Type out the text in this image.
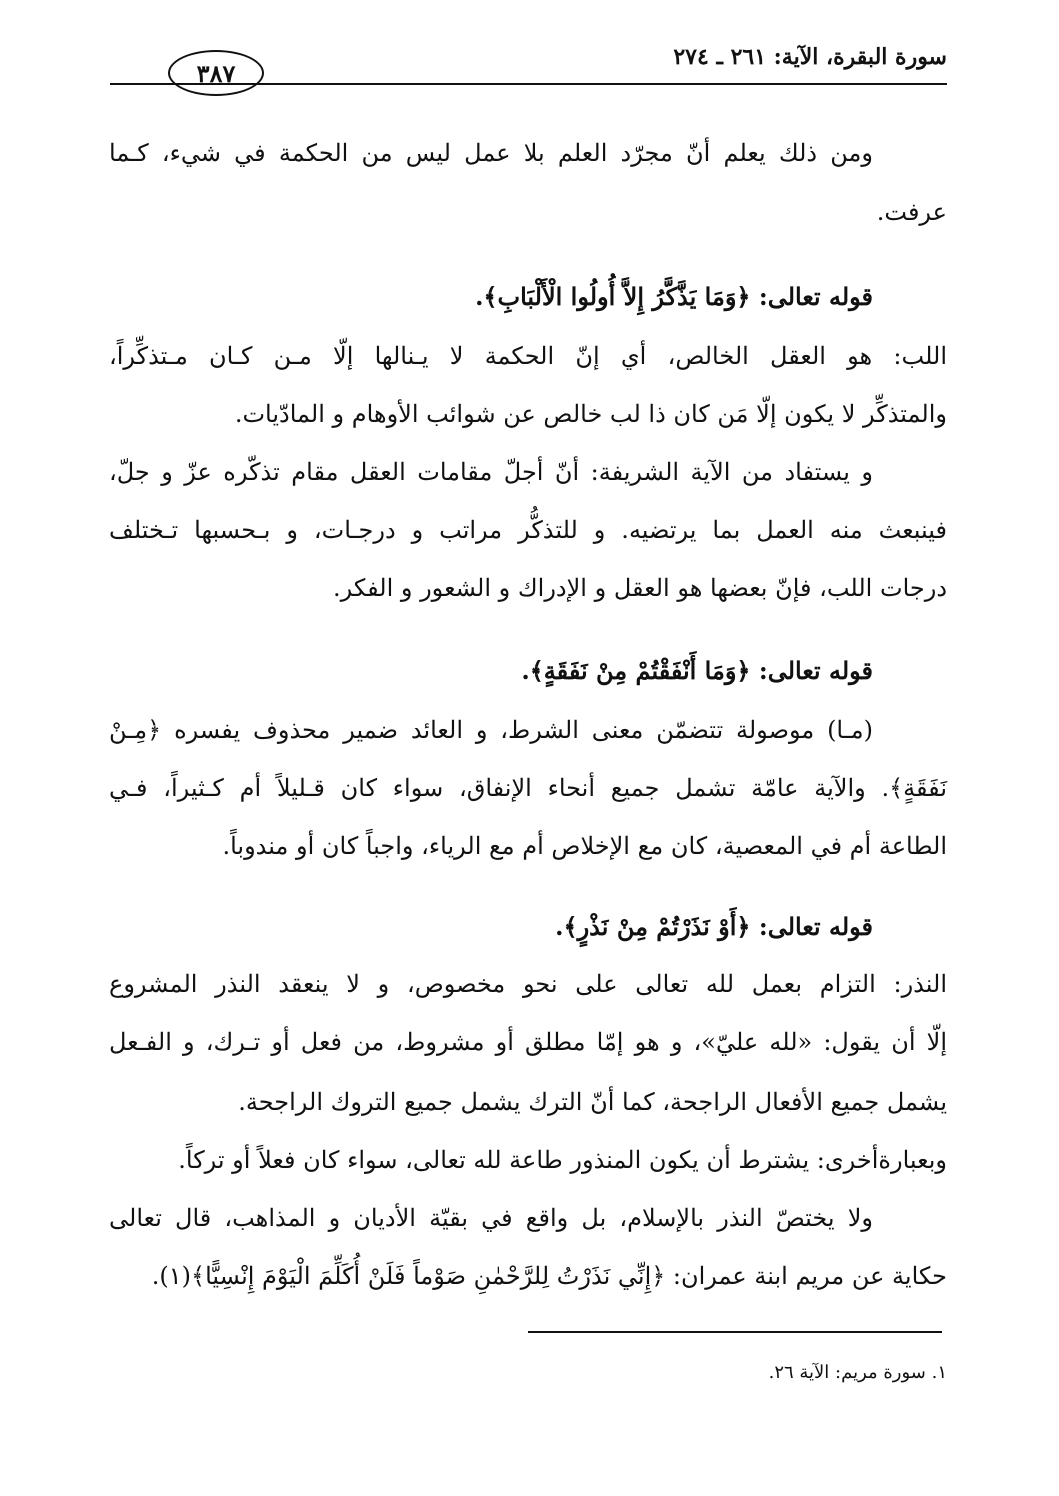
سورة البقرة، الآية: ٢٦١ ـ ٢٧٤
٣٨٧
ومن ذلك يعلم أنّ مجرّد العلم بلا عمل ليس من الحكمة في شيء، كـما
عرفت.
قوله تعالى: ﴿وَمَا يَذَّكَّرُ إِلاَّ أُولُوا الْأَلْبَابِ﴾.
اللب: هو العقل الخالص، أي إنّ الحكمة لا يـنالها إلّا مـن كـان مـتذكِّراً،
والمتذكِّر لا يكون إلّا مَن كان ذا لب خالص عن شوائب الأوهام و المادّيات.
و يستفاد من الآية الشريفة: أنّ أجلّ مقامات العقل مقام تذكّره عزّ و جلّ،
فينبعث منه العمل بما يرتضيه. و للتذكُّر مراتب و درجـات، و بـحسبها تـختلف
درجات اللب، فإنّ بعضها هو العقل و الإدراك و الشعور و الفكر.
قوله تعالى: ﴿وَمَا أَنْفَقْتُمْ مِنْ نَفَقَةٍ﴾.
(مـا) موصولة تتضمّن معنى الشرط، و العائد ضمير محذوف يفسره ﴿مِـنْ
نَفَقَةٍ﴾. والآية عامّة تشمل جميع أنحاء الإنفاق، سواء كان قـليلاً أم كـثيراً، فـي
الطاعة أم في المعصية، كان مع الإخلاص أم مع الرياء، واجباً كان أو مندوباً.
قوله تعالى: ﴿أَوْ نَذَرْتُمْ مِنْ نَذْرٍ﴾.
النذر: التزام بعمل لله تعالى على نحو مخصوص، و لا ينعقد النذر المشروع
إلّا أن يقول: «لله عليّ»، و هو إمّا مطلق أو مشروط، من فعل أو تـرك، و الفـعل
يشمل جميع الأفعال الراجحة، كما أنّ الترك يشمل جميع التروك الراجحة.
وبعبارةأخرى: يشترط أن يكون المنذور طاعة لله تعالى، سواء كان فعلاً أو تركاً.
ولا يختصّ النذر بالإسلام، بل واقع في بقيّة الأديان و المذاهب، قال تعالى
حكاية عن مريم ابنة عمران: ﴿إِنِّي نَذَرْتُ لِلرَّحْمٰنِ صَوْماً فَلَنْ أُكَلِّمَ الْيَوْمَ إِنْسِيًّا﴾(١).
١. سورة مريم: الآية ٢٦.
